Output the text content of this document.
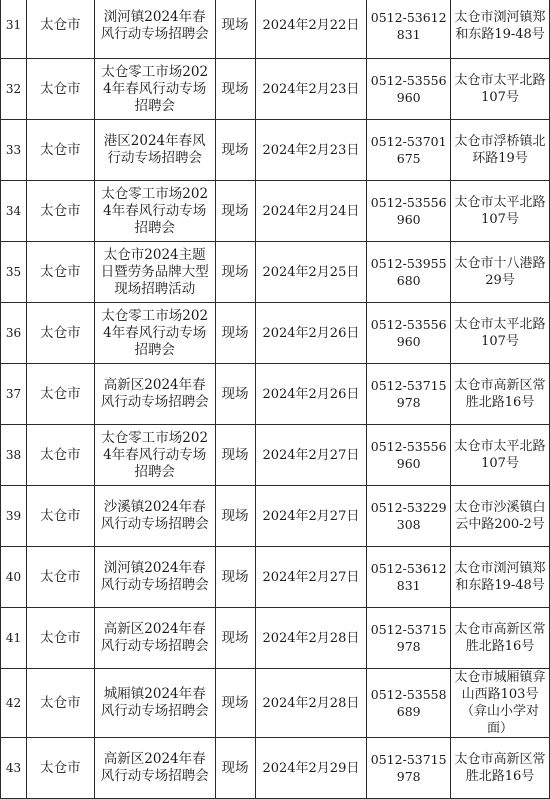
31	太仓市	浏河镇2024年春风行动专场招聘会	现场	2024年2月22日	0512-53612831	太仓市浏河镇郑和东路19-48号
32	太仓市	太仓零工市场2024年春风行动专场招聘会	现场	2024年2月23日	0512-53556960	太仓市太平北路107号
33	太仓市	港区2024年春风行动专场招聘会	现场	2024年2月23日	0512-53701675	太仓市浮桥镇北环路19号
34	太仓市	太仓零工市场2024年春风行动专场招聘会	现场	2024年2月24日	0512-53556960	太仓市太平北路107号
35	太仓市	太仓市2024主题日暨劳务品牌大型现场招聘活动	现场	2024年2月25日	0512-53955680	太仓市十八港路29号
36	太仓市	太仓零工市场2024年春风行动专场招聘会	现场	2024年2月26日	0512-53556960	太仓市太平北路107号
37	太仓市	高新区2024年春风行动专场招聘会	现场	2024年2月26日	0512-53715978	太仓市高新区常胜北路16号
38	太仓市	太仓零工市场2024年春风行动专场招聘会	现场	2024年2月27日	0512-53556960	太仓市太平北路107号
39	太仓市	沙溪镇2024年春风行动专场招聘会	现场	2024年2月27日	0512-53229308	太仓市沙溪镇白云中路200-2号
40	太仓市	浏河镇2024年春风行动专场招聘会	现场	2024年2月27日	0512-53612831	太仓市浏河镇郑和东路19-48号
41	太仓市	高新区2024年春风行动专场招聘会	现场	2024年2月28日	0512-53715978	太仓市高新区常胜北路16号
42	太仓市	城厢镇2024年春风行动专场招聘会	现场	2024年2月28日	0512-53558689	太仓市城厢镇弇山西路103号（弇山小学对面）
43	太仓市	高新区2024年春风行动专场招聘会	现场	2024年2月29日	0512-53715978	太仓市高新区常胜北路16号
